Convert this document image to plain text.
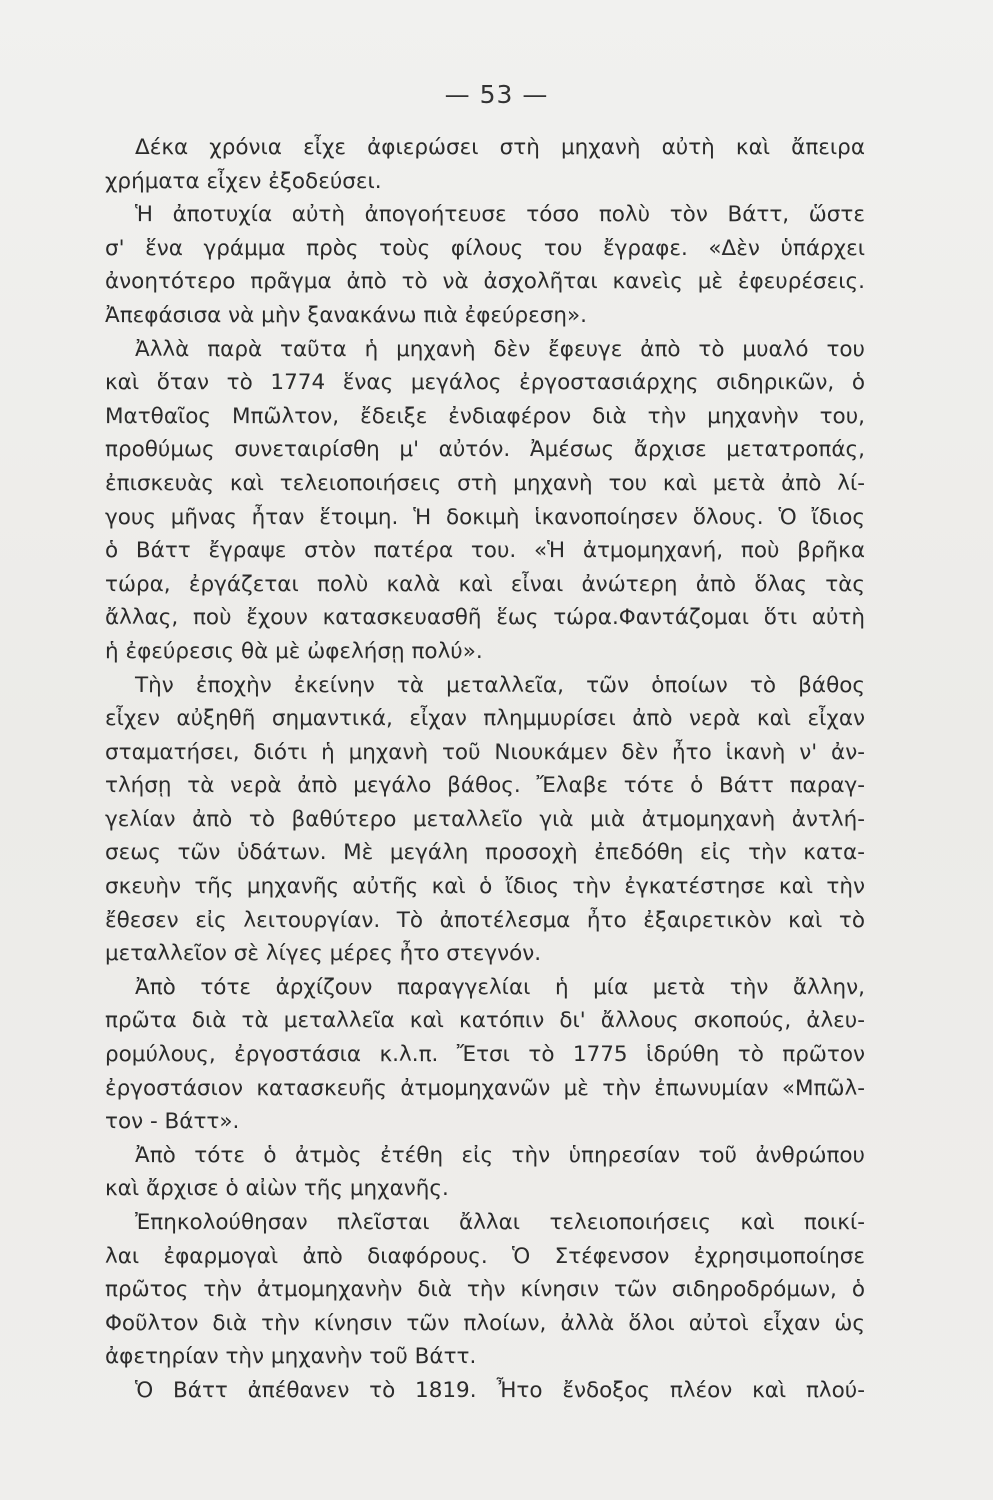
— 53 —
Δέκα χρόνια εἶχε ἀφιερώσει στὴ μηχανὴ αὐτὴ καὶ ἄπειρα
χρήματα εἶχεν ἐξοδεύσει.
Ἡ ἀποτυχία αὐτὴ ἀπογοήτευσε τόσο πολὺ τὸν Βάττ, ὥστε
σ' ἕνα γράμμα πρὸς τοὺς φίλους του ἔγραφε. «Δὲν ὑπάρχει
ἀνοητότερο πρᾶγμα ἀπὸ τὸ νὰ ἀσχολῆται κανεὶς μὲ ἐφευρέσεις.
Ἀπεφάσισα νὰ μὴν ξανακάνω πιὰ ἐφεύρεση».
Ἀλλὰ παρὰ ταῦτα ἡ μηχανὴ δὲν ἔφευγε ἀπὸ τὸ μυαλό του
καὶ ὅταν τὸ 1774 ἕνας μεγάλος ἐργοστασιάρχης σιδηρικῶν, ὁ
Ματθαῖος Μπῶλτον, ἔδειξε ἐνδιαφέρον διὰ τὴν μηχανὴν του,
προθύμως συνεταιρίσθη μ' αὐτόν. Ἀμέσως ἄρχισε μετατροπάς,
ἐπισκευὰς καὶ τελειοποιήσεις στὴ μηχανὴ του καὶ μετὰ ἀπὸ λί-
γους μῆνας ἦταν ἕτοιμη. Ἡ δοκιμὴ ἱκανοποίησεν ὅλους. Ὁ ἴδιος
ὁ Βάττ ἔγραψε στὸν πατέρα του. «Ἡ ἀτμομηχανή, ποὺ βρῆκα
τώρα, ἐργάζεται πολὺ καλὰ καὶ εἶναι ἀνώτερη ἀπὸ ὅλας τὰς
ἄλλας, ποὺ ἔχουν κατασκευασθῆ ἕως τώρα.Φαντάζομαι ὅτι αὐτὴ
ἡ ἐφεύρεσις θὰ μὲ ὠφελήσῃ πολύ».
Τὴν ἐποχὴν ἐκείνην τὰ μεταλλεῖα, τῶν ὁποίων τὸ βάθος
εἶχεν αὐξηθῆ σημαντικά, εἶχαν πλημμυρίσει ἀπὸ νερὰ καὶ εἶχαν
σταματήσει, διότι ἡ μηχανὴ τοῦ Νιουκάμεν δὲν ἦτο ἱκανὴ ν' ἀν-
τλήσῃ τὰ νερὰ ἀπὸ μεγάλο βάθος. Ἔλαβε τότε ὁ Βάττ παραγ-
γελίαν ἀπὸ τὸ βαθύτερο μεταλλεῖο γιὰ μιὰ ἀτμομηχανὴ ἀντλή-
σεως τῶν ὑδάτων. Μὲ μεγάλη προσοχὴ ἐπεδόθη εἰς τὴν κατα-
σκευὴν τῆς μηχανῆς αὐτῆς καὶ ὁ ἴδιος τὴν ἐγκατέστησε καὶ τὴν
ἔθεσεν εἰς λειτουργίαν. Τὸ ἀποτέλεσμα ἦτο ἐξαιρετικὸν καὶ τὸ
μεταλλεῖον σὲ λίγες μέρες ἦτο στεγνόν.
Ἀπὸ τότε ἀρχίζουν παραγγελίαι ἡ μία μετὰ τὴν ἄλλην,
πρῶτα διὰ τὰ μεταλλεῖα καὶ κατόπιν δι' ἄλλους σκοπούς, ἀλευ-
ρομύλους, ἐργοστάσια κ.λ.π. Ἔτσι τὸ 1775 ἱδρύθη τὸ πρῶτον
ἐργοστάσιον κατασκευῆς ἀτμομηχανῶν μὲ τὴν ἐπωνυμίαν «Μπῶλ-
τον - Βάττ».
Ἀπὸ τότε ὁ ἀτμὸς ἐτέθη εἰς τὴν ὑπηρεσίαν τοῦ ἀνθρώπου
καὶ ἄρχισε ὁ αἰὼν τῆς μηχανῆς.
Ἐπηκολούθησαν πλεῖσται ἄλλαι τελειοποιήσεις καὶ ποικί-
λαι ἐφαρμογαὶ ἀπὸ διαφόρους. Ὁ Στέφενσον ἐχρησιμοποίησε
πρῶτος τὴν ἀτμομηχανὴν διὰ τὴν κίνησιν τῶν σιδηροδρόμων, ὁ
Φοῦλτον διὰ τὴν κίνησιν τῶν πλοίων, ἀλλὰ ὅλοι αὐτοὶ εἶχαν ὡς
ἀφετηρίαν τὴν μηχανὴν τοῦ Βάττ.
Ὁ Βάττ ἀπέθανεν τὸ 1819. Ἦτο ἔνδοξος πλέον καὶ πλού-
